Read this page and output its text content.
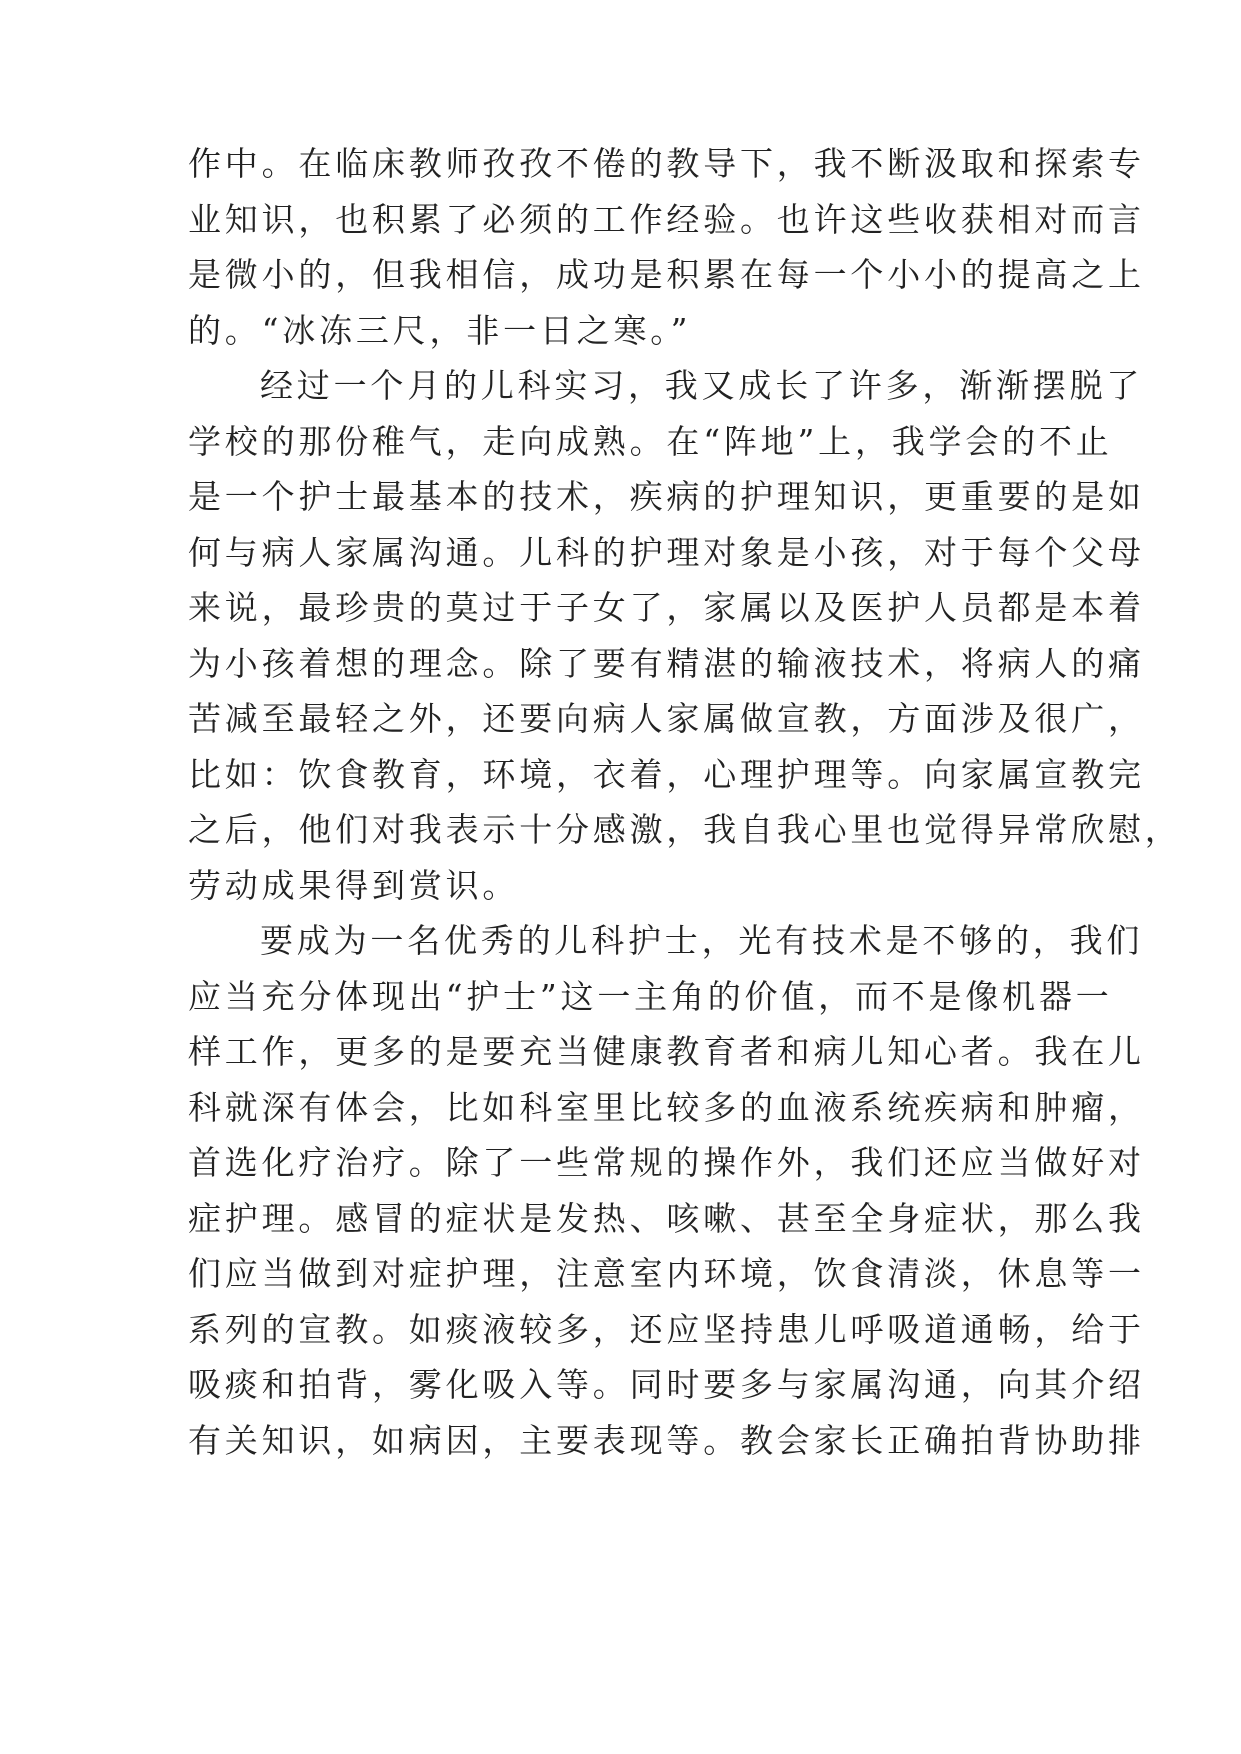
作中。在临床教师孜孜不倦的教导下，我不断汲取和探索专
业知识，也积累了必须的工作经验。也许这些收获相对而言
是微小的，但我相信，成功是积累在每一个小小的提高之上
的。“冰冻三尺，非一日之寒。”
经过一个月的儿科实习，我又成长了许多，渐渐摆脱了
学校的那份稚气，走向成熟。在“阵地”上，我学会的不止
是一个护士最基本的技术，疾病的护理知识，更重要的是如
何与病人家属沟通。儿科的护理对象是小孩，对于每个父母
来说，最珍贵的莫过于子女了，家属以及医护人员都是本着
为小孩着想的理念。除了要有精湛的输液技术，将病人的痛
苦减至最轻之外，还要向病人家属做宣教，方面涉及很广，
比如：饮食教育，环境，衣着，心理护理等。向家属宣教完
之后，他们对我表示十分感激，我自我心里也觉得异常欣慰，
劳动成果得到赏识。
要成为一名优秀的儿科护士，光有技术是不够的，我们
应当充分体现出“护士”这一主角的价值，而不是像机器一
样工作，更多的是要充当健康教育者和病儿知心者。我在儿
科就深有体会，比如科室里比较多的血液系统疾病和肿瘤，
首选化疗治疗。除了一些常规的操作外，我们还应当做好对
症护理。感冒的症状是发热、咳嗽、甚至全身症状，那么我
们应当做到对症护理，注意室内环境，饮食清淡，休息等一
系列的宣教。如痰液较多，还应坚持患儿呼吸道通畅，给于
吸痰和拍背，雾化吸入等。同时要多与家属沟通，向其介绍
有关知识，如病因，主要表现等。教会家长正确拍背协助排
